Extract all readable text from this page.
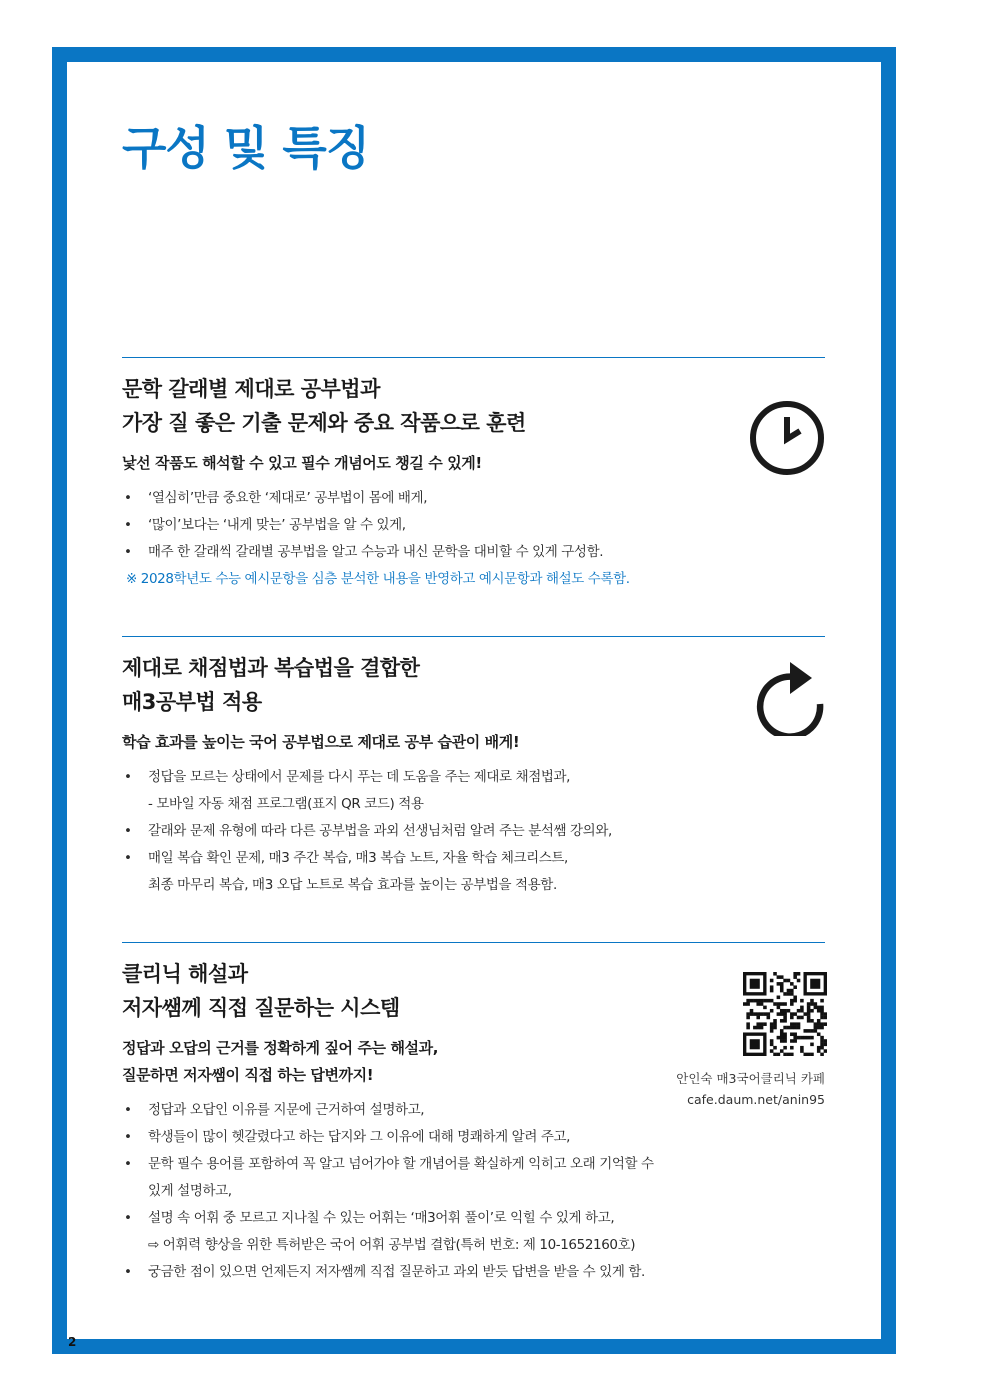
구성 및 특징
문학 갈래별 제대로 공부법과
가장 질 좋은 기출 문제와 중요 작품으로 훈련
낯선 작품도 해석할 수 있고 필수 개념어도 챙길 수 있게!
• ‘열심히’만큼 중요한 ‘제대로’ 공부법이 몸에 배게,
• ‘많이’보다는 ‘내게 맞는’ 공부법을 알 수 있게,
• 매주 한 갈래씩 갈래별 공부법을 알고 수능과 내신 문학을 대비할 수 있게 구성함.

※ 2028학년도 수능 예시문항을 심층 분석한 내용을 반영하고 예시문항과 해설도 수록함.

제대로 채점법과 복습법을 결합한
매3공부법 적용
학습 효과를 높이는 국어 공부법으로 제대로 공부 습관이 배게!
• 정답을 모르는 상태에서 문제를 다시 푸는 데 도움을 주는 제대로 채점법과,
- 모바일 자동 채점 프로그램(표지 QR 코드) 적용
• 갈래와 문제 유형에 따라 다른 공부법을 과외 선생님처럼 알려 주는 분석쌤 강의와,
• 매일 복습 확인 문제, 매3 주간 복습, 매3 복습 노트, 자율 학습 체크리스트,
최종 마무리 복습, 매3 오답 노트로 복습 효과를 높이는 공부법을 적용함.
클리닉 해설과
저자쌤께 직접 질문하는 시스템
정답과 오답의 근거를 정확하게 짚어 주는 해설과,
질문하면 저자쌤이 직접 하는 답변까지!
• 정답과 오답인 이유를 지문에 근거하여 설명하고,
• 학생들이 많이 헷갈렸다고 하는 답지와 그 이유에 대해 명쾌하게 알려 주고,
• 문학 필수 용어를 포함하여 꼭 알고 넘어가야 할 개념어를 확실하게 익히고 오래 기억할 수
있게 설명하고,
• 설명 속 어휘 중 모르고 지나칠 수 있는 어휘는 ‘매3어휘 풀이’로 익힐 수 있게 하고,
⇨ 어휘력 향상을 위한 특허받은 국어 어휘 공부법 결합(특허 번호: 제 10-1652160호)
• 궁금한 점이 있으면 언제든지 저자쌤께 직접 질문하고 과외 받듯 답변을 받을 수 있게 함.
안인숙 매3국어클리닉 카페
cafe.daum.net/anin95
2
